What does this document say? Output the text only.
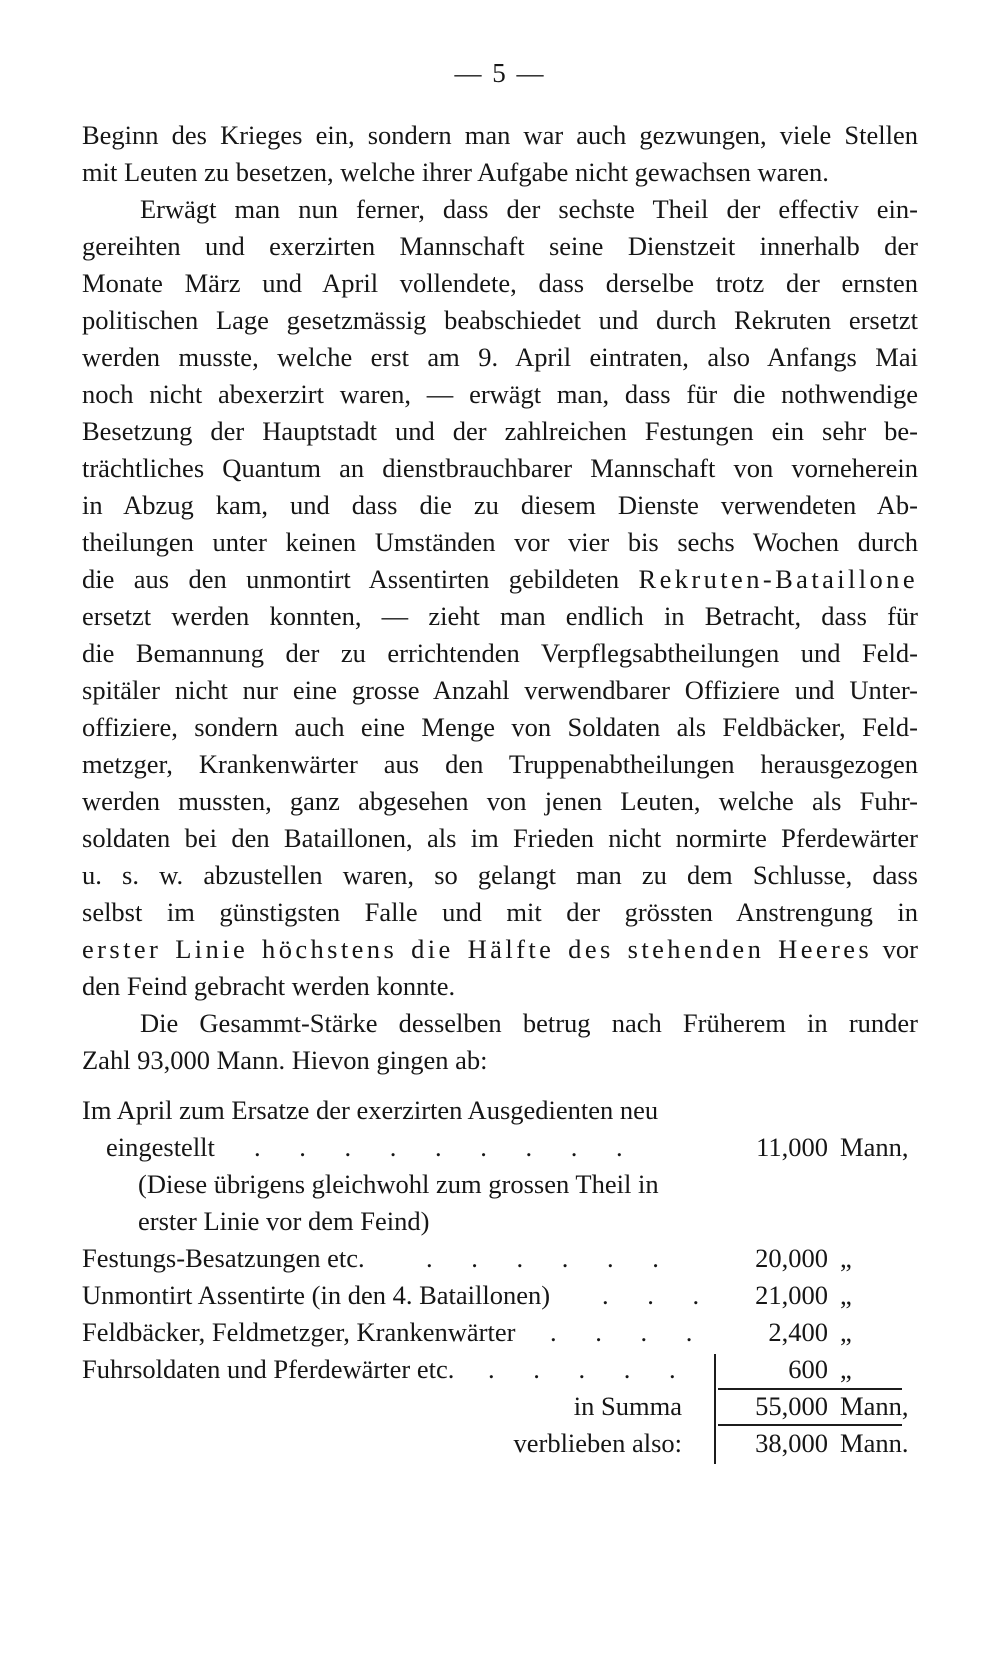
— 5 —
Beginn des Krieges ein, sondern man war auch gezwungen, viele Stellen
mit Leuten zu besetzen, welche ihrer Aufgabe nicht gewachsen waren.
Erwägt man nun ferner, dass der sechste Theil der effectiv ein-
gereihten und exerzirten Mannschaft seine Dienstzeit innerhalb der
Monate März und April vollendete, dass derselbe trotz der ernsten
politischen Lage gesetzmässig beabschiedet und durch Rekruten ersetzt
werden musste, welche erst am 9. April eintraten, also Anfangs Mai
noch nicht abexerzirt waren, — erwägt man, dass für die nothwendige
Besetzung der Hauptstadt und der zahlreichen Festungen ein sehr be-
trächtliches Quantum an dienstbrauchbarer Mannschaft von vorneherein
in Abzug kam, und dass die zu diesem Dienste verwendeten Ab-
theilungen unter keinen Umständen vor vier bis sechs Wochen durch
die aus den unmontirt Assentirten gebildeten Rekruten-Bataillone
ersetzt werden konnten, — zieht man endlich in Betracht, dass für
die Bemannung der zu errichtenden Verpflegsabtheilungen und Feld-
spitäler nicht nur eine grosse Anzahl verwendbarer Offiziere und Unter-
offiziere, sondern auch eine Menge von Soldaten als Feldbäcker, Feld-
metzger, Krankenwärter aus den Truppenabtheilungen herausgezogen
werden mussten, ganz abgesehen von jenen Leuten, welche als Fuhr-
soldaten bei den Bataillonen, als im Frieden nicht normirte Pferdewärter
u. s. w. abzustellen waren, so gelangt man zu dem Schlusse, dass
selbst im günstigsten Falle und mit der grössten Anstrengung in
erster Linie höchstens die Hälfte des stehenden Heeres vor
den Feind gebracht werden konnte.
Die Gesammt-Stärke desselben betrug nach Früherem in runder
Zahl 93,000 Mann. Hievon gingen ab:
Im April zum Ersatze der exerzirten Ausgedienten neu
eingestellt . . . . . . . . .	11,000 Mann,
(Diese übrigens gleichwohl zum grossen Theil in
erster Linie vor dem Feind)
Festungs-Besatzungen etc. . . . . . .	20,000 „
Unmontirt Assentirte (in den 4. Bataillonen) . . . 21,000 „
Feldbäcker, Feldmetzger, Krankenwärter . . . . 2,400 „
Fuhrsoldaten und Pferdewärter etc. . . . . .	600 „
in Summa	55,000 Mann,
verblieben also:	38,000 Mann.
